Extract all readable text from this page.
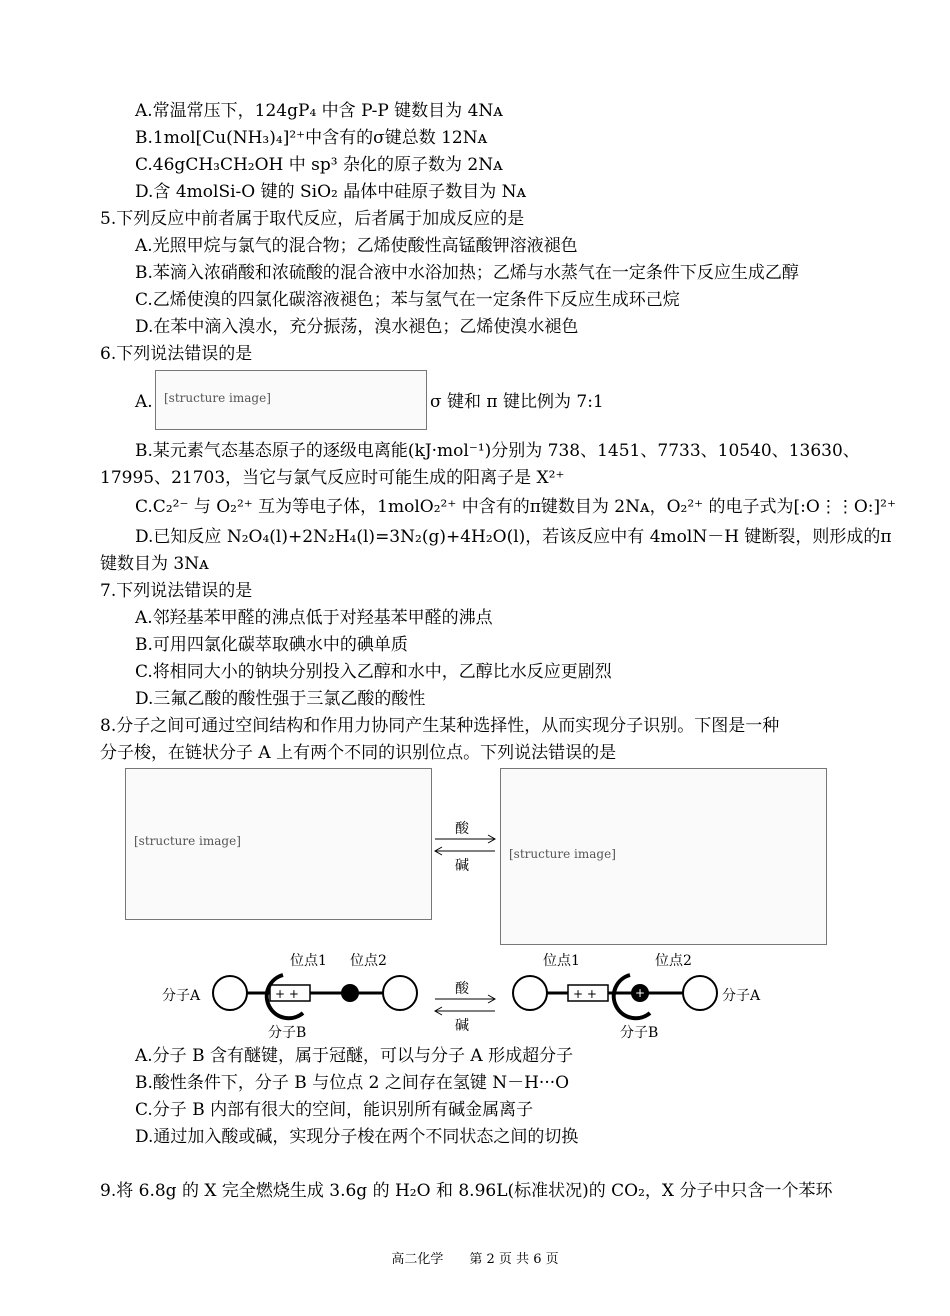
A.常温常压下，124gP₄ 中含 P-P 键数目为 4Nᴀ
B.1mol[Cu(NH₃)₄]²⁺中含有的σ键总数 12Nᴀ
C.46gCH₃CH₂OH 中 sp³ 杂化的原子数为 2Nᴀ
D.含 4molSi-O 键的 SiO₂ 晶体中硅原子数目为 Nᴀ
5.下列反应中前者属于取代反应，后者属于加成反应的是
A.光照甲烷与氯气的混合物；乙烯使酸性高锰酸钾溶液褪色
B.苯滴入浓硝酸和浓硫酸的混合液中水浴加热；乙烯与水蒸气在一定条件下反应生成乙醇
C.乙烯使溴的四氯化碳溶液褪色；苯与氢气在一定条件下反应生成环己烷
D.在苯中滴入溴水，充分振荡，溴水褪色；乙烯使溴水褪色
6.下列说法错误的是
A. [structure image]	σ 键和 π 键比例为 7:1
B.某元素气态基态原子的逐级电离能(kJ·mol⁻¹)分别为 738、1451、7733、10540、13630、
17995、21703，当它与氯气反应时可能生成的阳离子是 X²⁺
C.C₂²⁻ 与 O₂²⁺ 互为等电子体，1molO₂²⁺ 中含有的π键数目为 2Nᴀ，O₂²⁺ 的电子式为[:O⋮⋮O:]²⁺
D.已知反应 N₂O₄(l)+2N₂H₄(l)=3N₂(g)+4H₂O(l)，若该反应中有 4molN－H 键断裂，则形成的π
键数目为 3Nᴀ
7.下列说法错误的是
A.邻羟基苯甲醛的沸点低于对羟基苯甲醛的沸点
B.可用四氯化碳萃取碘水中的碘单质
C.将相同大小的钠块分别投入乙醇和水中，乙醇比水反应更剧烈
D.三氟乙酸的酸性强于三氯乙酸的酸性
8.分子之间可通过空间结构和作用力协同产生某种选择性，从而实现分子识别。下图是一种
分子梭，在链状分子 A 上有两个不同的识别位点。下列说法错误的是
[structure image]
[structure image]
酸
碱
分子A	+ +
位点1 位点2
分子B
酸
碱
+ +	+
位点1	位点2
分子B
分子A
A.分子 B 含有醚键，属于冠醚，可以与分子 A 形成超分子
B.酸性条件下，分子 B 与位点 2 之间存在氢键 N－H···O
C.分子 B 内部有很大的空间，能识别所有碱金属离子
D.通过加入酸或碱，实现分子梭在两个不同状态之间的切换
9.将 6.8g 的 X 完全燃烧生成 3.6g 的 H₂O 和 8.96L(标准状况)的 CO₂，X 分子中只含一个苯环
高二化学　　第 2 页 共 6 页
